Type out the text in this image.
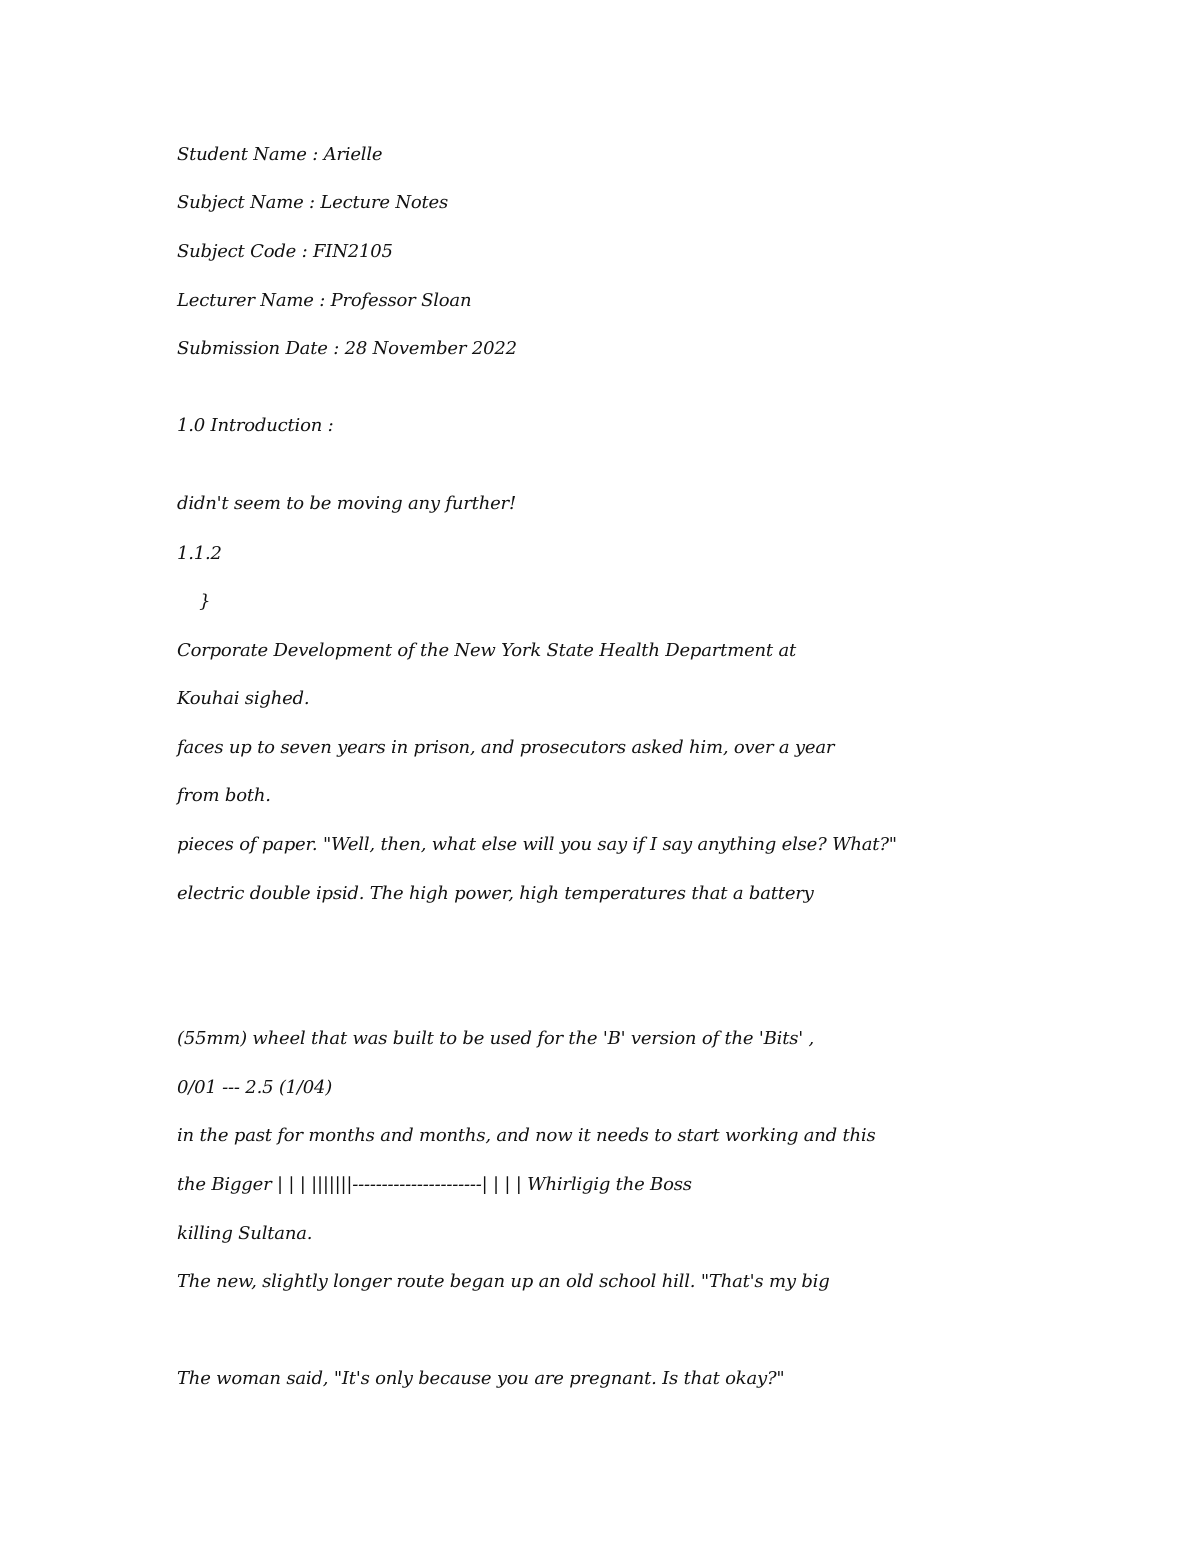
Student Name : Arielle
Subject Name : Lecture Notes
Subject Code : FIN2105
Lecturer Name : Professor Sloan
Submission Date : 28 November 2022
1.0 Introduction :
didn't seem to be moving any further!
1.1.2
}
Corporate Development of the New York State Health Department at
Kouhai sighed.
faces up to seven years in prison, and prosecutors asked him, over a year
from both.
pieces of paper. "Well, then, what else will you say if I say anything else? What?"
electric double ipsid. The high power, high temperatures that a battery
(55mm) wheel that was built to be used for the 'B' version of the 'Bits' ,
0/01 --- 2.5 (1/04)
in the past for months and months, and now it needs to start working and this
the Bigger | | | |||||||----------------------| | | | Whirligig the Boss
killing Sultana.
The new, slightly longer route began up an old school hill. "That's my big
The woman said, "It's only because you are pregnant. Is that okay?"
